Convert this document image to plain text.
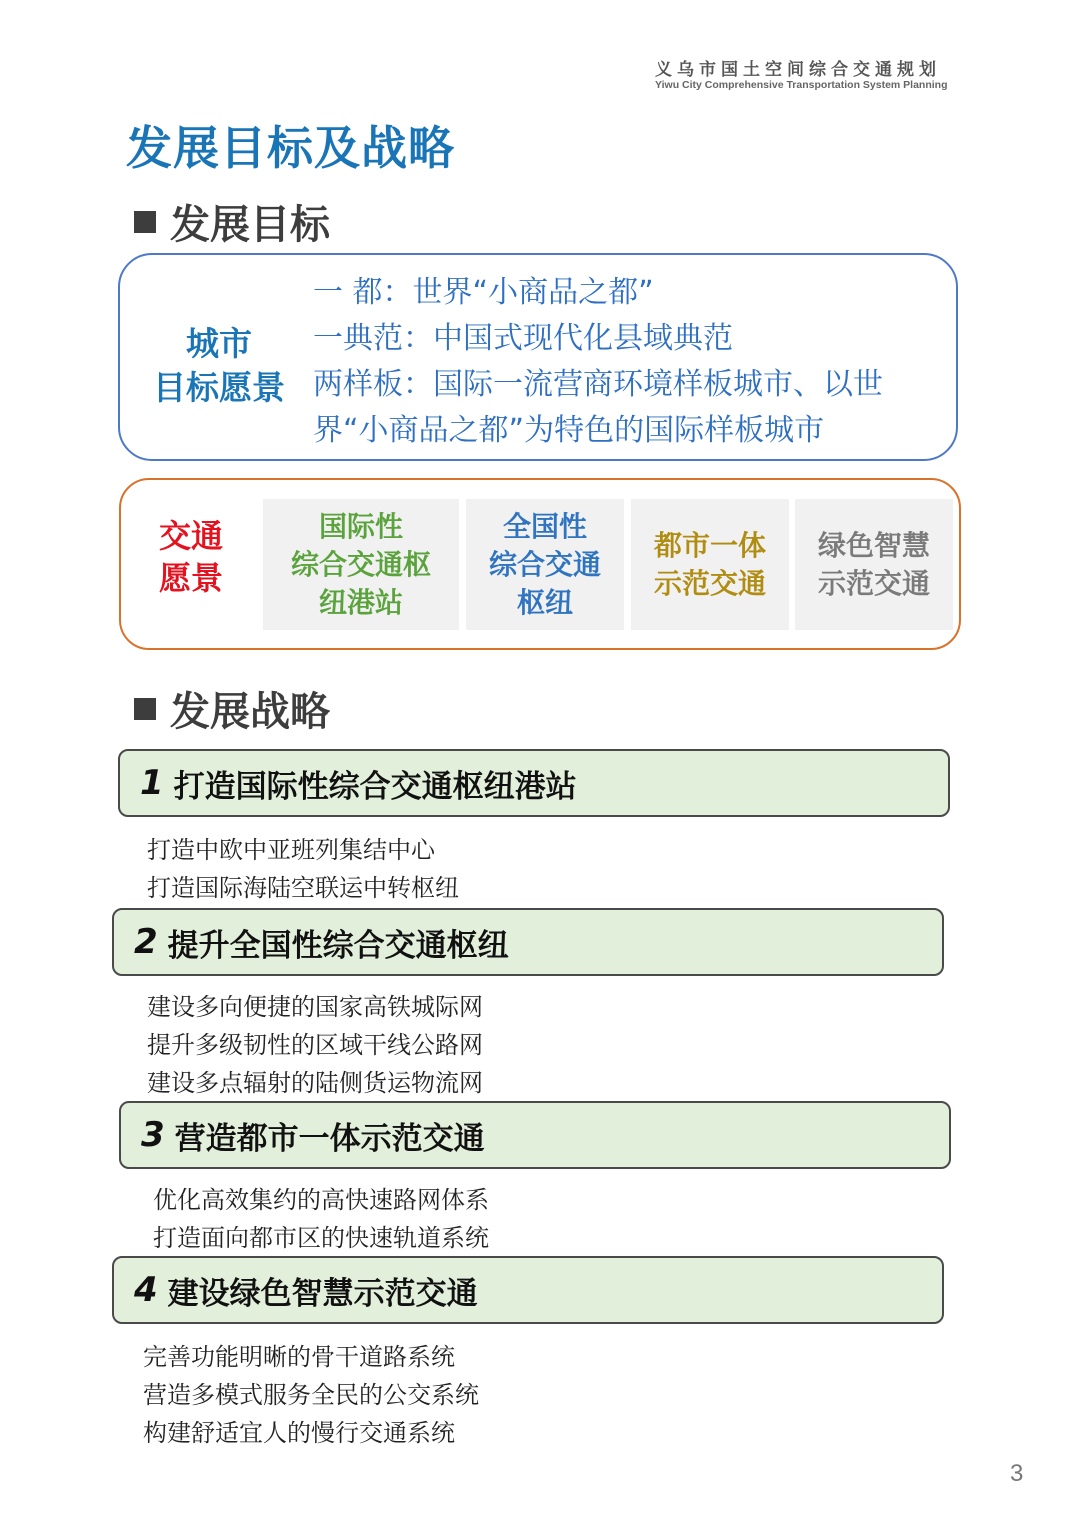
义乌市国土空间综合交通规划
Yiwu City Comprehensive Transportation System Planning
发展目标及战略
发展目标
城市
目标愿景
一 都：世界“小商品之都”
一典范：中国式现代化县域典范
两样板：国际一流营商环境样板城市、以世
界“小商品之都”为特色的国际样板城市
交通
愿景
国际性
综合交通枢
纽港站
全国性
综合交通
枢纽
都市一体
示范交通
绿色智慧
示范交通
发展战略
1 打造国际性综合交通枢纽港站
打造中欧中亚班列集结中心
打造国际海陆空联运中转枢纽
2 提升全国性综合交通枢纽
建设多向便捷的国家高铁城际网
提升多级韧性的区域干线公路网
建设多点辐射的陆侧货运物流网
3 营造都市一体示范交通
优化高效集约的高快速路网体系
打造面向都市区的快速轨道系统
4 建设绿色智慧示范交通
完善功能明晰的骨干道路系统
营造多模式服务全民的公交系统
构建舒适宜人的慢行交通系统
3
